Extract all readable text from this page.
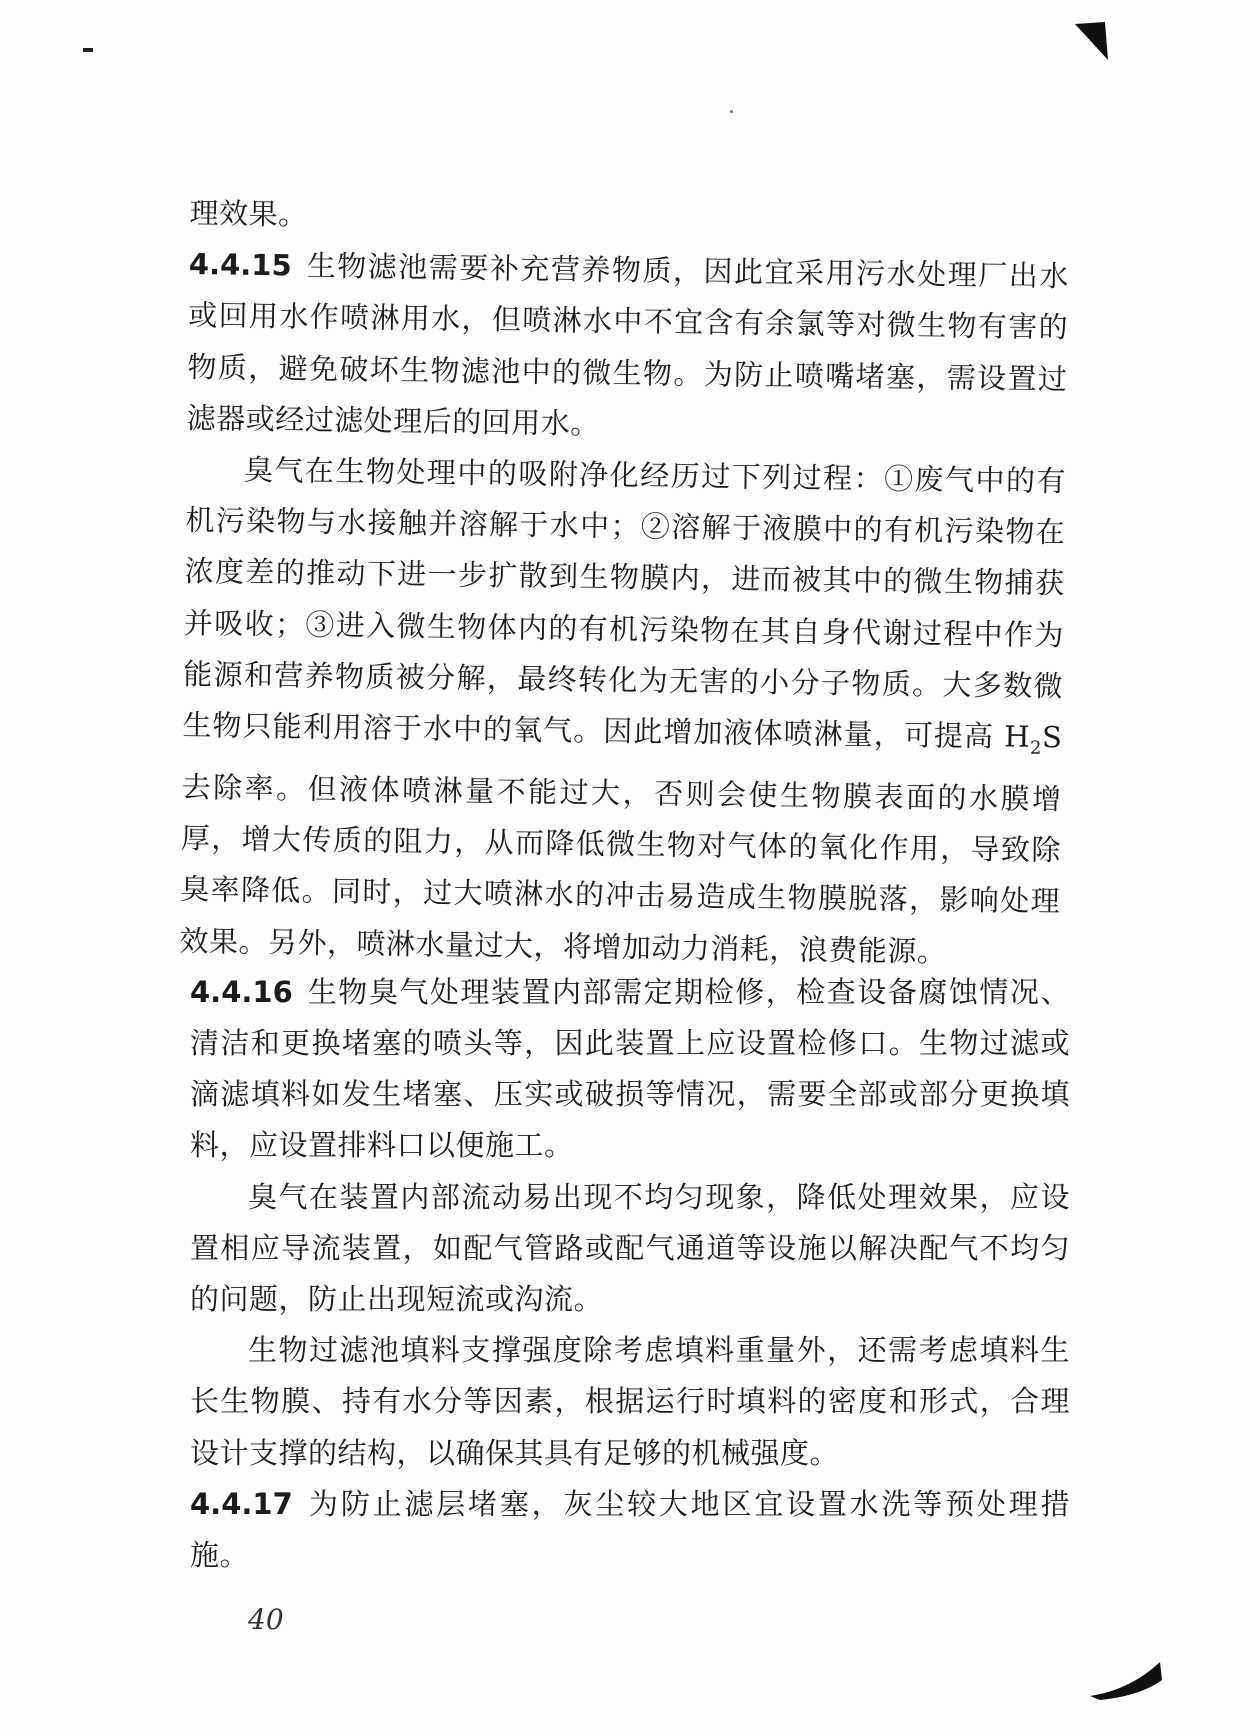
理效果。

4.4.15 生物滤池需要补充营养物质，因此宜采用污水处理厂出水或回用水作喷淋用水，但喷淋水中不宜含有余氯等对微生物有害的物质，避免破坏生物滤池中的微生物。为防止喷嘴堵塞，需设置过滤器或经过滤处理后的回用水。

臭气在生物处理中的吸附净化经历过下列过程：①废气中的有机污染物与水接触并溶解于水中；②溶解于液膜中的有机污染物在浓度差的推动下进一步扩散到生物膜内，进而被其中的微生物捕获并吸收；③进入微生物体内的有机污染物在其自身代谢过程中作为能源和营养物质被分解，最终转化为无害的小分子物质。大多数微生物只能利用溶于水中的氧气。因此增加液体喷淋量，可提高 $H_2S$ 去除率。但液体喷淋量不能过大，否则会使生物膜表面的水膜增厚，增大传质的阻力，从而降低微生物对气体的氧化作用，导致除臭率降低。同时，过大喷淋水的冲击易造成生物膜脱落，影响处理效果。另外，喷淋水量过大，将增加动力消耗，浪费能源。

4.4.16 生物臭气处理装置内部需定期检修，检查设备腐蚀情况、清洁和更换堵塞的喷头等，因此装置上应设置检修口。生物过滤或滴滤填料如发生堵塞、压实或破损等情况，需要全部或部分更换填料，应设置排料口以便施工。

臭气在装置内部流动易出现不均匀现象，降低处理效果，应设置相应导流装置，如配气管路或配气通道等设施以解决配气不均匀的问题，防止出现短流或沟流。

生物过滤池填料支撑强度除考虑填料重量外，还需考虑填料生长生物膜、持有水分等因素，根据运行时填料的密度和形式，合理设计支撑的结构，以确保其具有足够的机械强度。

4.4.17 为防止滤层堵塞，灰尘较大地区宜设置水洗等预处理措施。

40
